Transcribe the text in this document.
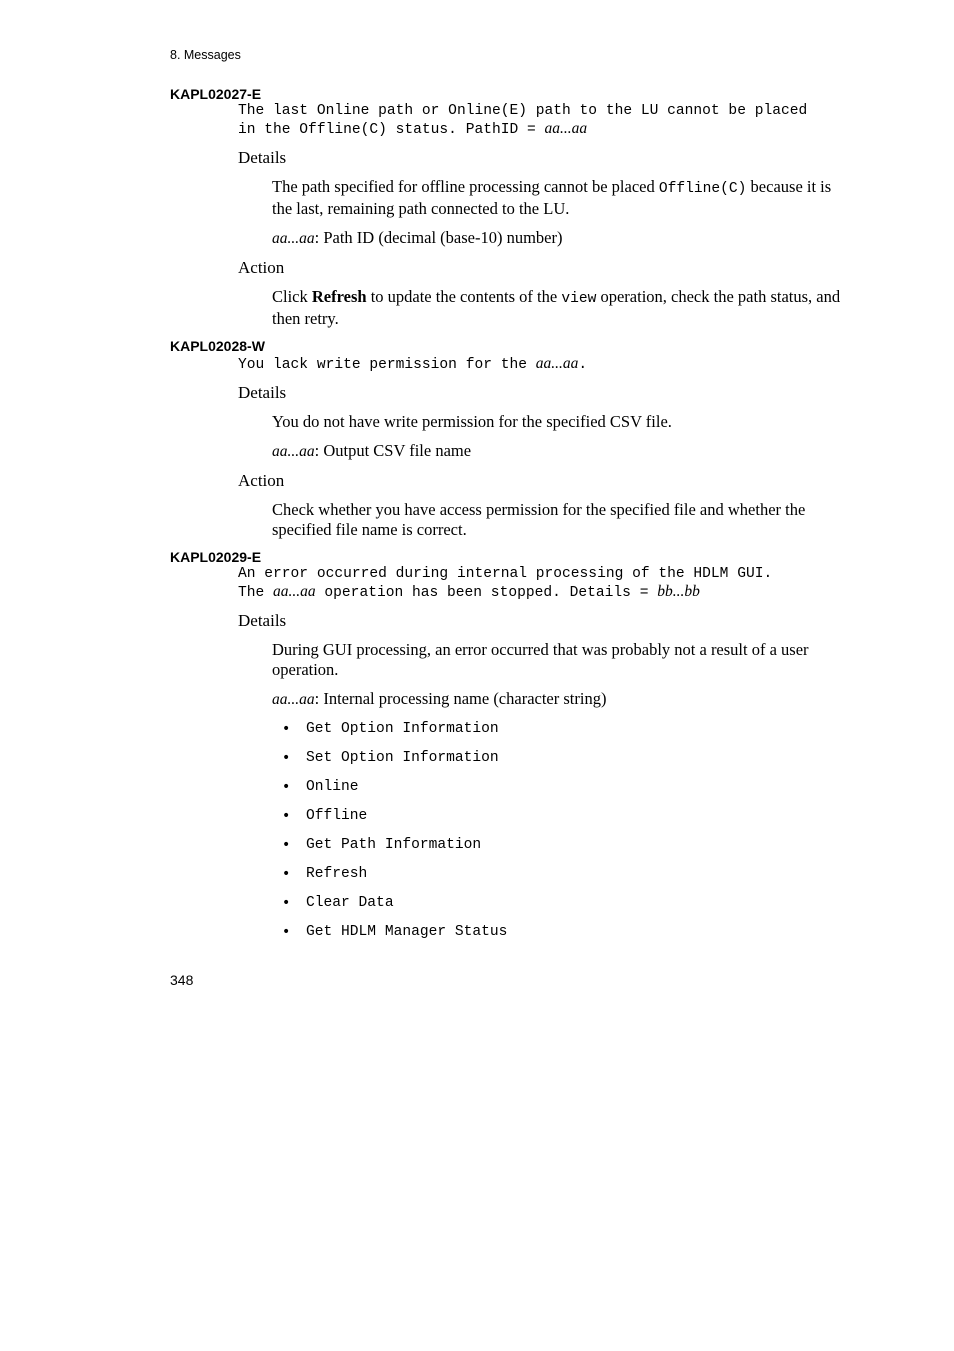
8. Messages
KAPL02027-E
The last Online path or Online(E) path to the LU cannot be placed
in the Offline(C) status. PathID = aa...aa
Details
The path specified for offline processing cannot be placed Offline(C) because it is the last, remaining path connected to the LU.
aa...aa: Path ID (decimal (base-10) number)
Action
Click Refresh to update the contents of the view operation, check the path status, and then retry.
KAPL02028-W
You lack write permission for the aa...aa.
Details
You do not have write permission for the specified CSV file.
aa...aa: Output CSV file name
Action
Check whether you have access permission for the specified file and whether the specified file name is correct.
KAPL02029-E
An error occurred during internal processing of the HDLM GUI.
The aa...aa operation has been stopped. Details = bb...bb
Details
During GUI processing, an error occurred that was probably not a result of a user operation.
aa...aa: Internal processing name (character string)
• Get Option Information
• Set Option Information
• Online
• Offline
• Get Path Information
• Refresh
• Clear Data
• Get HDLM Manager Status
348
